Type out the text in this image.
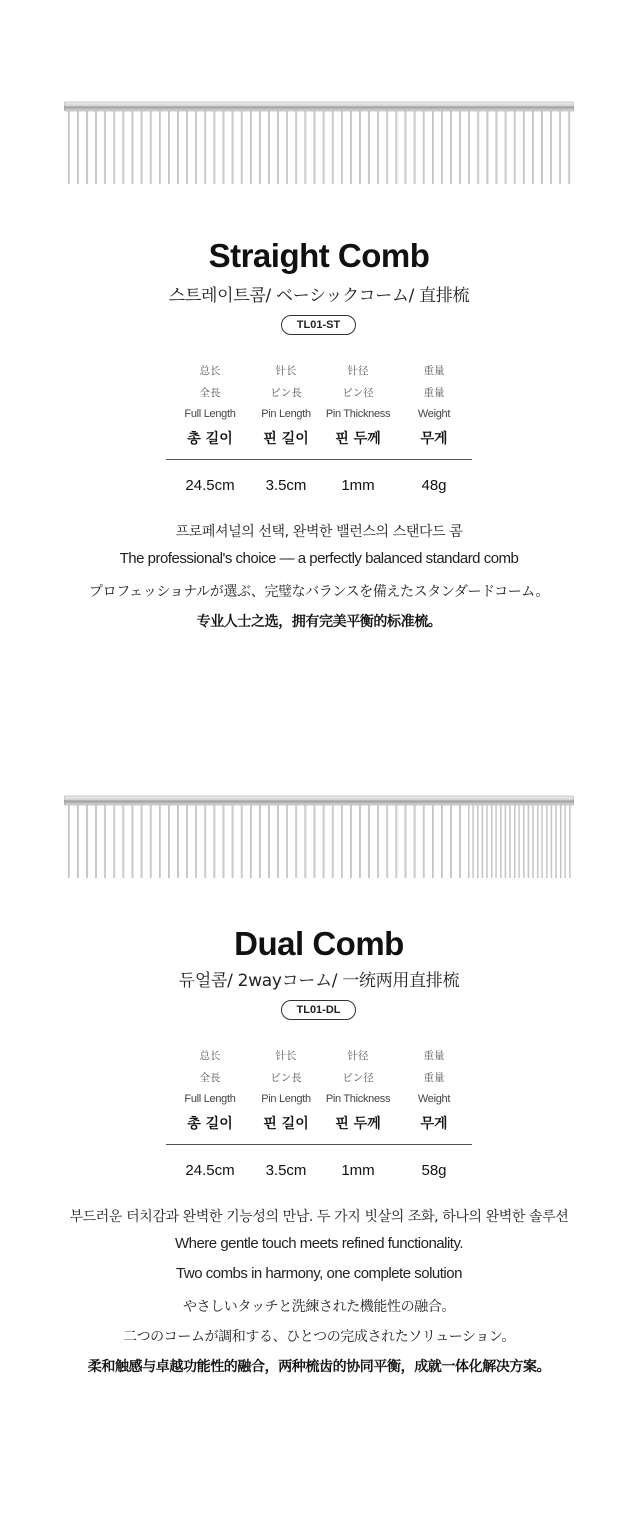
Straight Comb
스트레이트콤/ ベーシックコーム/ 直排梳
TL01-ST
总长
全長
Full Length
총 길이
24.5cm
针长
ピン長
Pin Length
핀 길이
3.5cm
针径
ピン径
Pin Thickness
핀 두께
1mm
重量
重量
Weight
무게
48g
프로페셔널의 선택, 완벽한 밸런스의 스탠다드 콤
The professional's choice — a perfectly balanced standard comb
プロフェッショナルが選ぶ、完璧なバランスを備えたスタンダードコーム。
专业人士之选，拥有完美平衡的标准梳。
Dual Comb
듀얼콤/ 2wayコーム/ 一统两用直排梳
TL01-DL
总长
全長
Full Length
총 길이
24.5cm
针长
ピン長
Pin Length
핀 길이
3.5cm
针径
ピン径
Pin Thickness
핀 두께
1mm
重量
重量
Weight
무게
58g
부드러운 터치감과 완벽한 기능성의 만남. 두 가지 빗살의 조화, 하나의 완벽한 솔루션
Where gentle touch meets refined functionality.
Two combs in harmony, one complete solution
やさしいタッチと洗練された機能性の融合。
二つのコームが調和する、ひとつの完成されたソリューション。
柔和触感与卓越功能性的融合，两种梳齿的协同平衡，成就一体化解决方案。
